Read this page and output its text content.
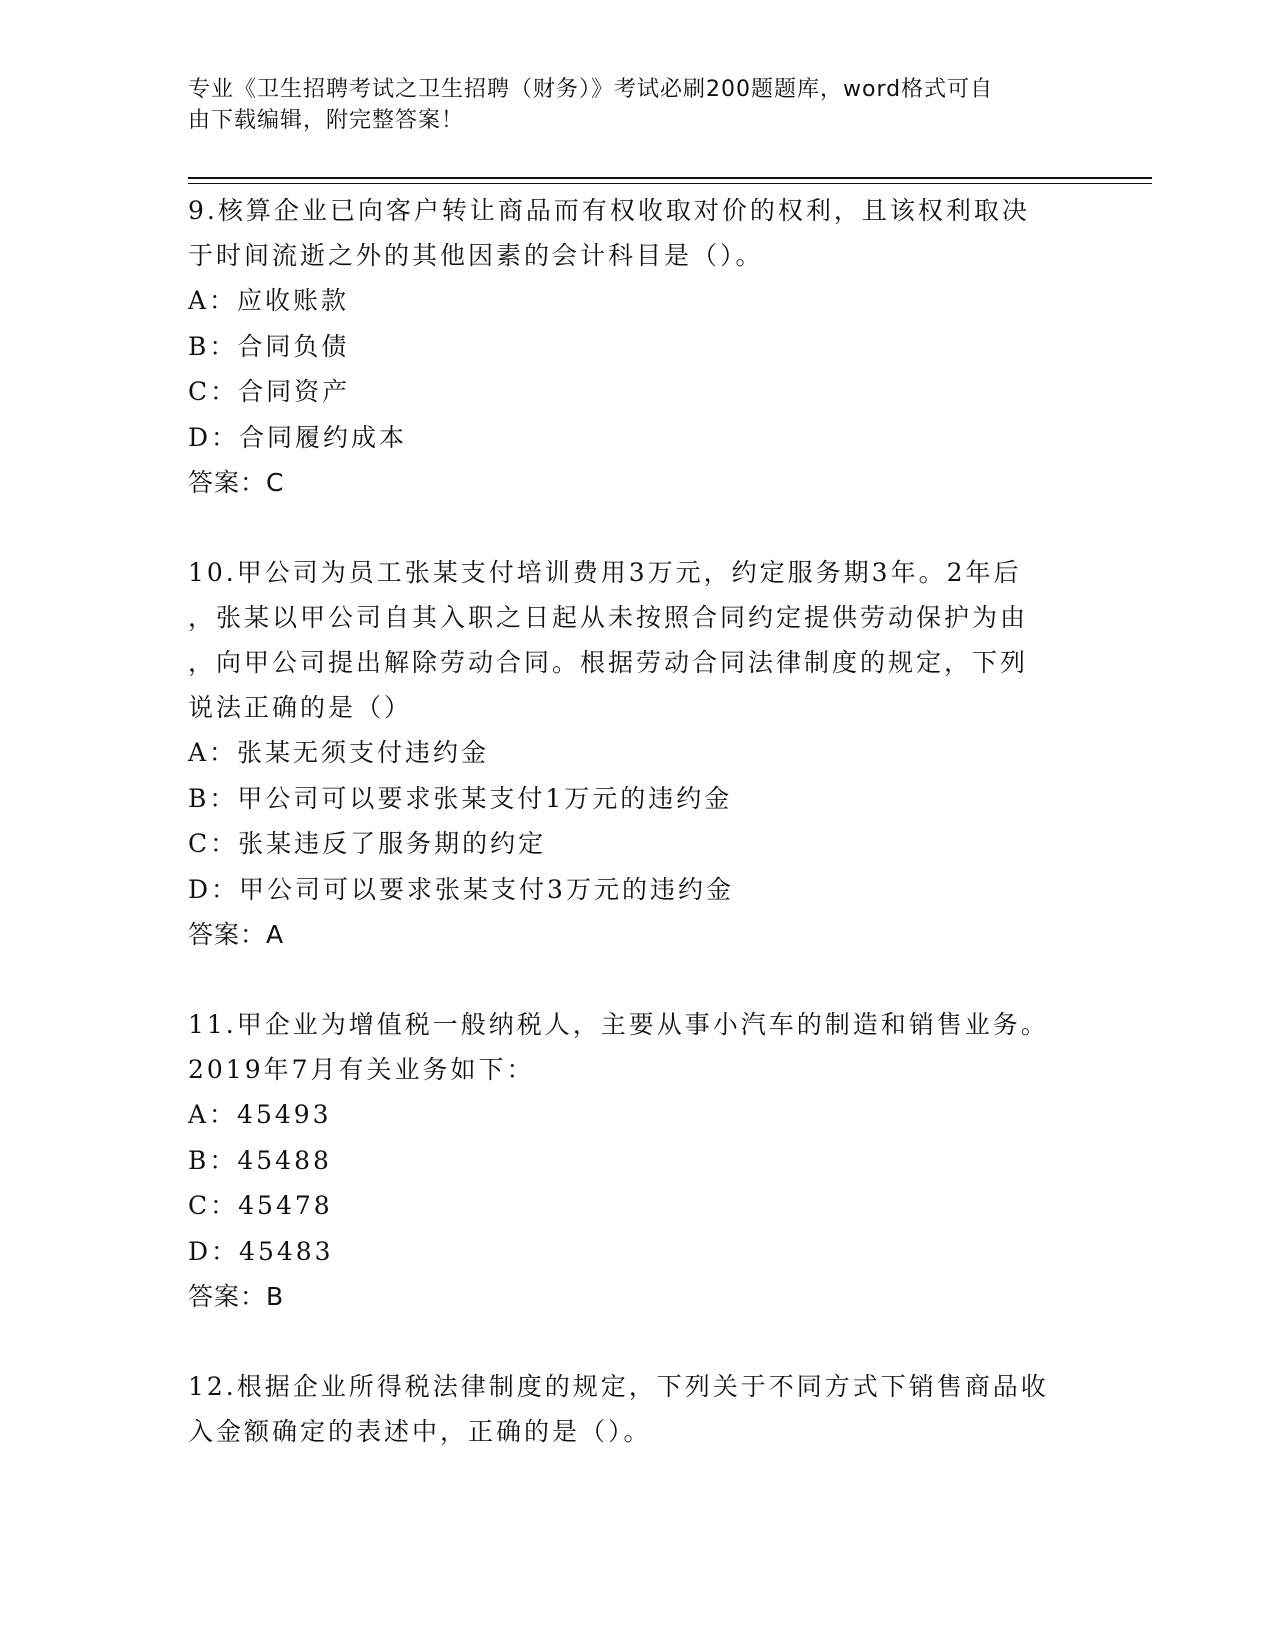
专业《卫生招聘考试之卫生招聘（财务）》考试必刷200题题库，word格式可自
由下载编辑，附完整答案！

9.核算企业已向客户转让商品而有权收取对价的权利，且该权利取决

于时间流逝之外的其他因素的会计科目是（）。

A：应收账款

B：合同负债

C：合同资产

D：合同履约成本

答案：C

10.甲公司为员工张某支付培训费用3万元，约定服务期3年。2年后

，张某以甲公司自其入职之日起从未按照合同约定提供劳动保护为由

，向甲公司提出解除劳动合同。根据劳动合同法律制度的规定，下列

说法正确的是（）

A：张某无须支付违约金

B：甲公司可以要求张某支付1万元的违约金

C：张某违反了服务期的约定

D：甲公司可以要求张某支付3万元的违约金

答案：A

11.甲企业为增值税一般纳税人，主要从事小汽车的制造和销售业务。

2019年7月有关业务如下：

A：45493

B：45488

C：45478

D：45483

答案：B

12.根据企业所得税法律制度的规定，下列关于不同方式下销售商品收

入金额确定的表述中，正确的是（）。
